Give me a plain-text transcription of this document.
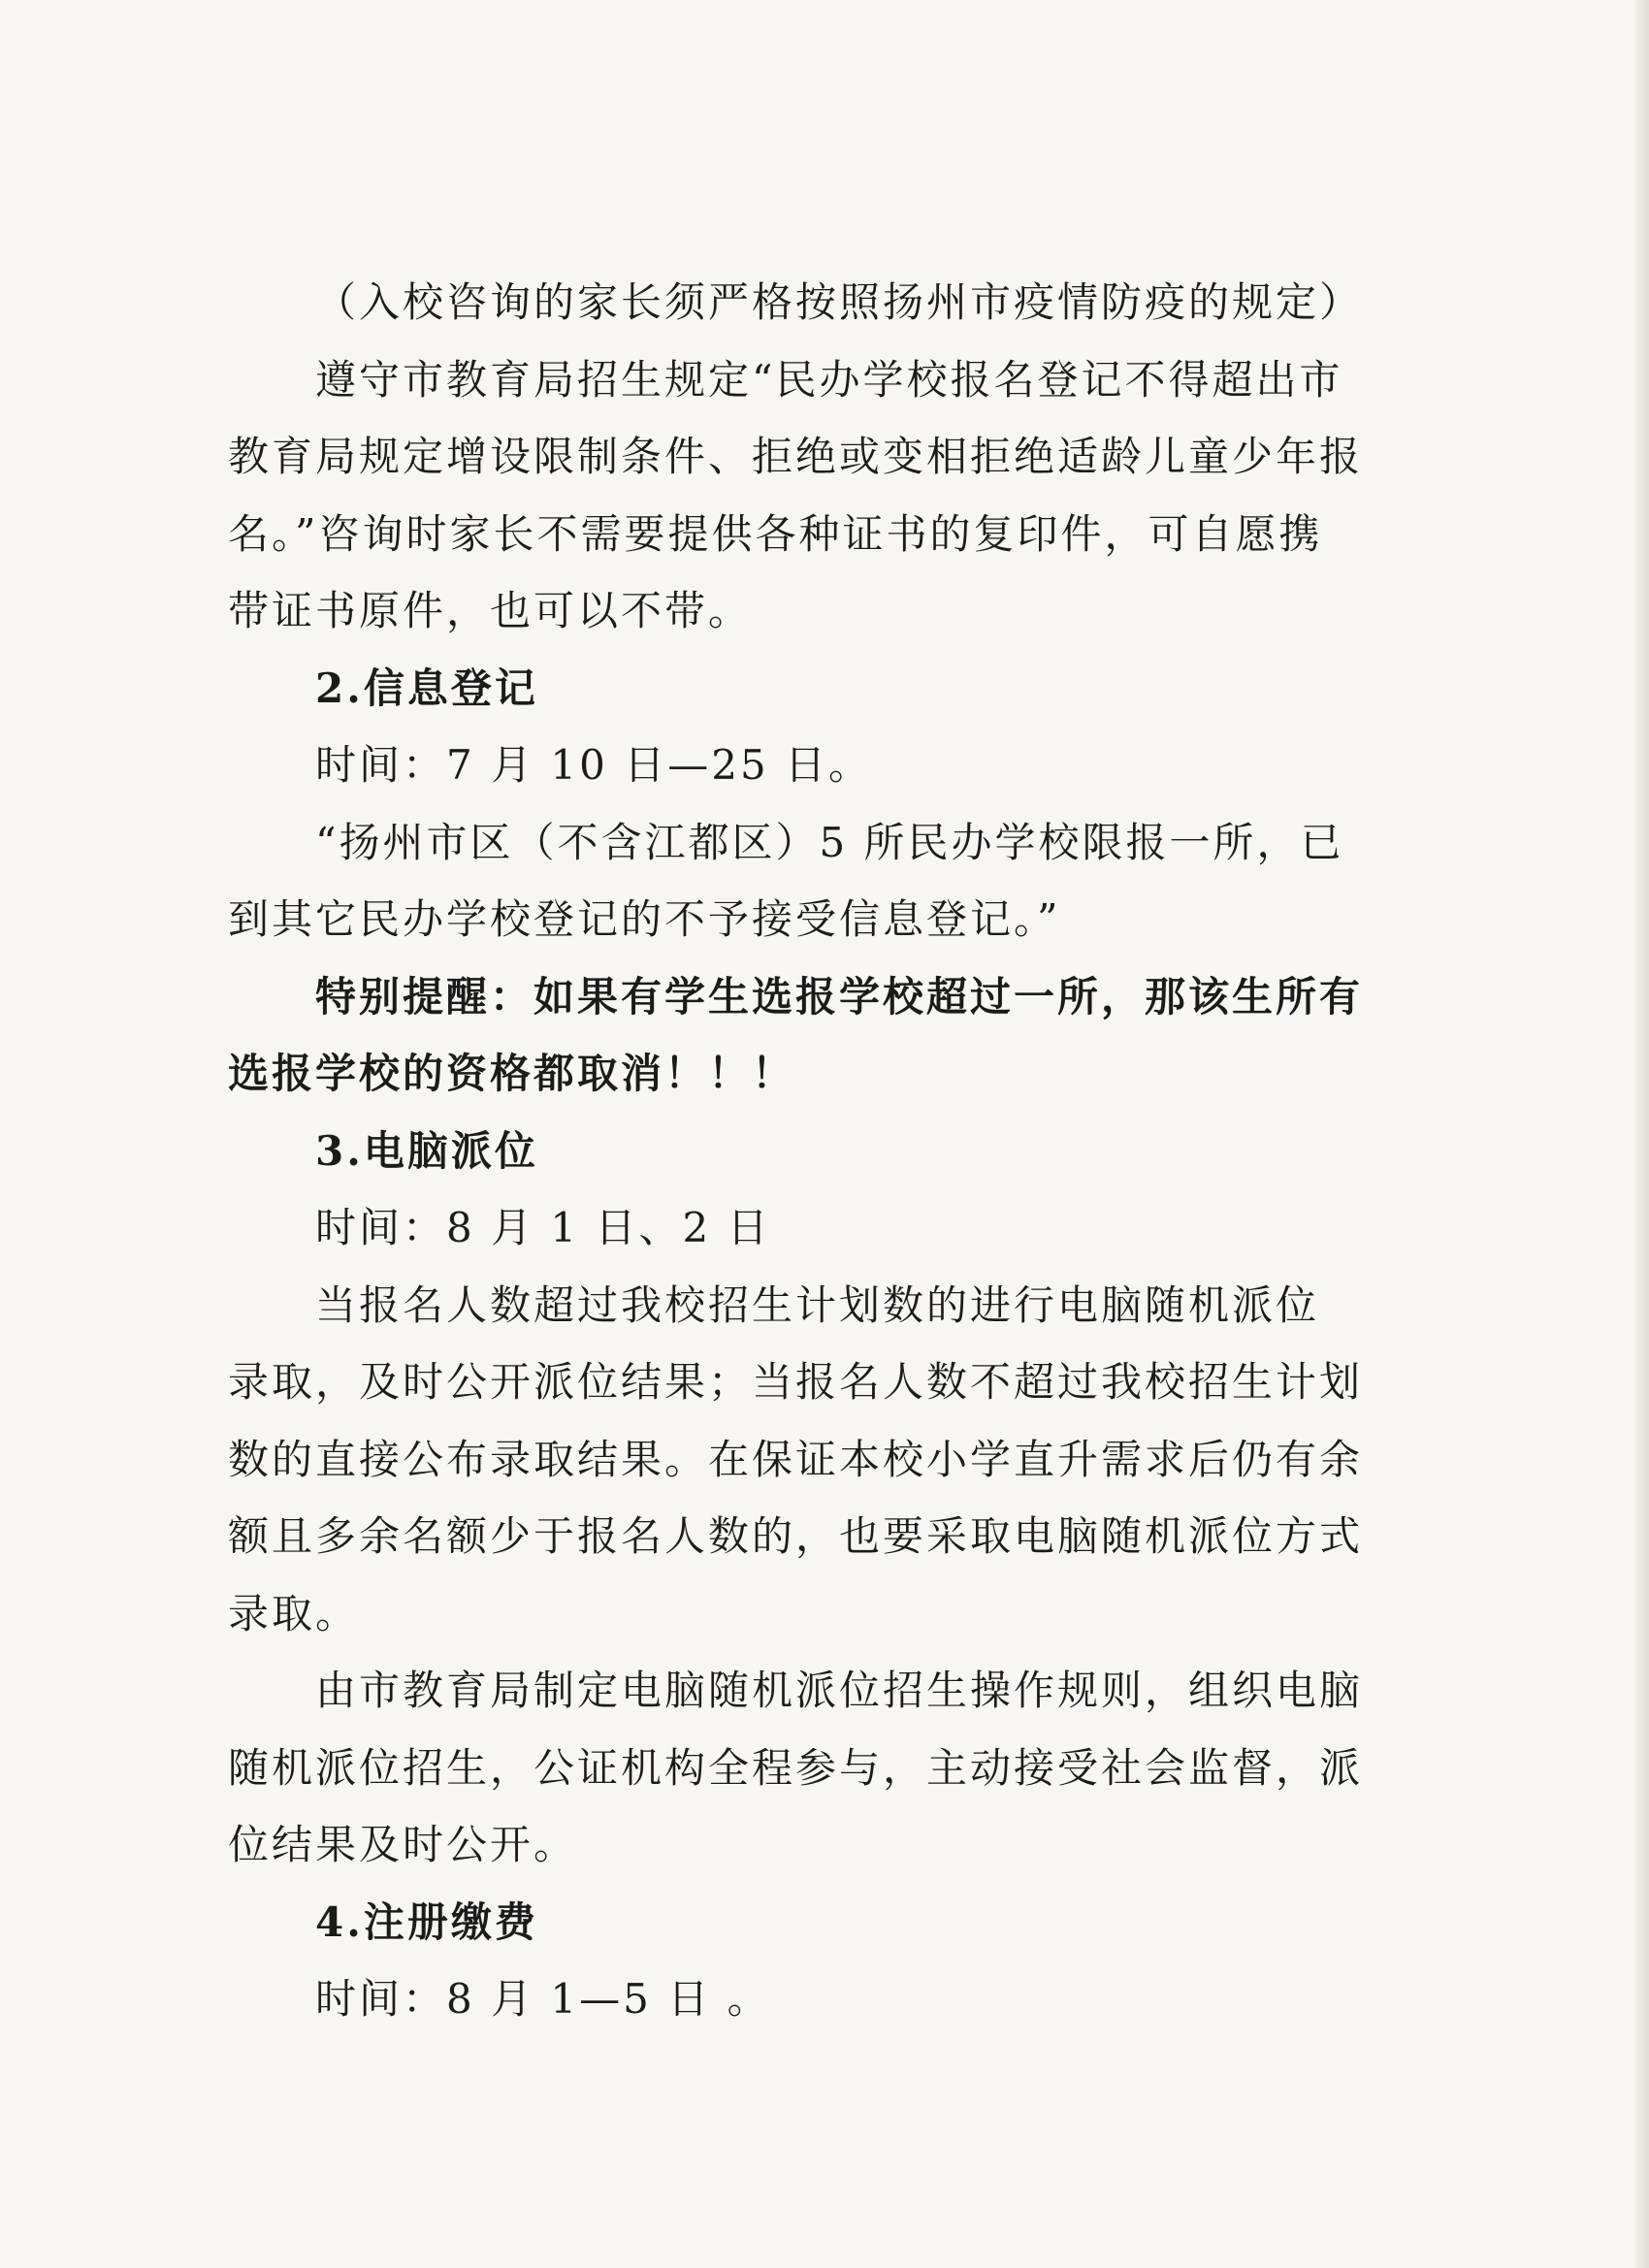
（入校咨询的家长须严格按照扬州市疫情防疫的规定）
遵守市教育局招生规定“民办学校报名登记不得超出市
教育局规定增设限制条件、拒绝或变相拒绝适龄儿童少年报
名。”咨询时家长不需要提供各种证书的复印件，可自愿携
带证书原件，也可以不带。
2.信息登记
时间：7 月 10 日—25 日。
“扬州市区（不含江都区）5 所民办学校限报一所，已
到其它民办学校登记的不予接受信息登记。”
特别提醒：如果有学生选报学校超过一所，那该生所有
选报学校的资格都取消！！！
3.电脑派位
时间：8 月 1 日、2 日
当报名人数超过我校招生计划数的进行电脑随机派位
录取，及时公开派位结果；当报名人数不超过我校招生计划
数的直接公布录取结果。在保证本校小学直升需求后仍有余
额且多余名额少于报名人数的，也要采取电脑随机派位方式
录取。
由市教育局制定电脑随机派位招生操作规则，组织电脑
随机派位招生，公证机构全程参与，主动接受社会监督，派
位结果及时公开。
4.注册缴费
时间：8 月 1—5 日 。
